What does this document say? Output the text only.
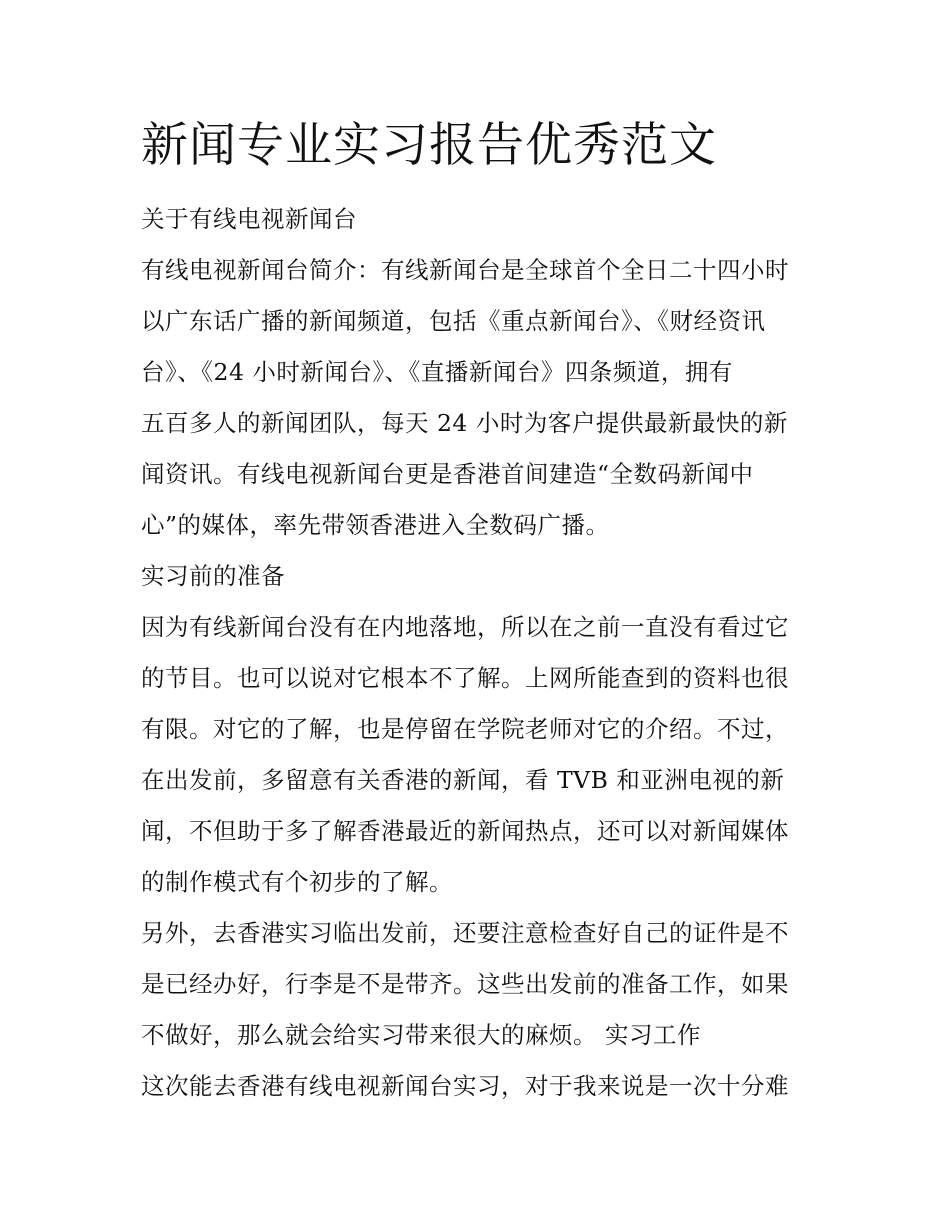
新闻专业实习报告优秀范文

关于有线电视新闻台

有线电视新闻台简介：有线新闻台是全球首个全日二十四小时

以广东话广播的新闻频道，包括《重点新闻台》、《财经资讯

台》、《24 小时新闻台》、《直播新闻台》四条频道，拥有

五百多人的新闻团队，每天 24 小时为客户提供最新最快的新

闻资讯。有线电视新闻台更是香港首间建造“全数码新闻中

心”的媒体，率先带领香港进入全数码广播。

实习前的准备

因为有线新闻台没有在内地落地，所以在之前一直没有看过它

的节目。也可以说对它根本不了解。上网所能查到的资料也很

有限。对它的了解，也是停留在学院老师对它的介绍。不过，

在出发前，多留意有关香港的新闻，看 TVB 和亚洲电视的新

闻，不但助于多了解香港最近的新闻热点，还可以对新闻媒体

的制作模式有个初步的了解。

另外，去香港实习临出发前，还要注意检查好自己的证件是不

是已经办好，行李是不是带齐。这些出发前的准备工作，如果

不做好，那么就会给实习带来很大的麻烦。 实习工作

这次能去香港有线电视新闻台实习，对于我来说是一次十分难
